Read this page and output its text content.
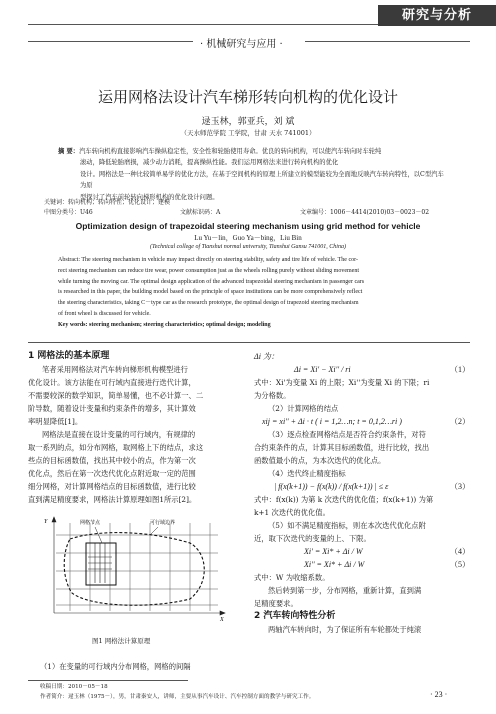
研究与分析
· 机械研究与应用 ·
运用网格法设计汽车梯形转向机构的优化设计
逯玉林，郭亚兵，刘 斌
（天水师范学院 工学院，甘肃 天水 741001）
摘 要：汽车转向机构直接影响汽车操纵稳定性，安全性和轮胎使用寿命。优良的转向机构，可以使汽车转向时车轮纯
滚动，降低轮胎磨损，减少动力消耗，提高操纵性能。我们运用网格法来进行转向机构的优化
设计。网格法是一种比较简单易学的优化方法，在基于空间机构的原理上所建立的模型能较为全面地反映汽车转向特性，以C型汽车为原
型探讨了汽车前轮转向梯形机构的优化设计问题。
关键词：转向机构；转向特性；优化设计；建模
中图分类号：U46	文献标识码：A	文章编号：1006－4414(2010)03－0023－02
Optimization design of trapezoidal steering mechanism using grid method for vehicle
Lu Yu－lin，Guo Ya－bing，Liu Bin
(Technical college of Tianshui normal university, Tianshui Gansu 741001, China)
Abstract: The steering mechanism in vehicle may impact directly on steering stability, safety and tire life of vehicle. The cor-
rect steering mechanism can reduce tire wear, power consumption just as the wheels rolling purely without sliding movement
while turning the moving car. The optimal design application of the advanced trapezoidal steering mechanism in passenger cars
is researched in this paper, the building model based on the principle of space institutions can be more comprehensively reflect
the steering characteristics, taking C－type car as the research prototype, the optimal design of trapezoid steering mechanism
of front wheel is discussed for vehicle.
Key words: steering mechanism; steering characteristics; optimal design; modeling
1 网格法的基本原理
笔者采用网格法对汽车转向梯形机构模型进行
优化设计。该方法能在可行域内直接进行迭代计算，
不需要较深的数学知识，简单易懂，也不必计算一、二
阶导数，随着设计变量和约束条件的增多，其计算效
率明显降低[1]。
网格法是直接在设计变量的可行域内，有规律的
取一系列的点，如分布网格，取网格上下的结点，求这
些点的目标函数值，找出其中较小的点，作为第一次
优化点，然后在第一次迭代优化点附近取一定的范围
细分网格，对计算网格结点的目标函数值，进行比较
直到满足精度要求，网格法计算原理如图1所示[2]。
Y
X
网格节点	可行域边界
图1 网格法计算原理
（1）在变量的可行域内分布网格，网格的间隔
Δi 为：
Δi = Xi' − Xi'' / ri	（1）
式中：Xi'为变量 Xi 的上限；Xi''为变量 Xi 的下限；ri
为分格数。
（2）计算网格的结点
xij = xi'' + Δi · t ( i = 1,2…n; t = 0,1,2…ri )	（2）
（3）逐点检查网格结点是否符合约束条件，对符
合约束条件的点，计算其目标函数值，进行比较，找出
函数值最小的点，为本次迭代的优化点。
（4）迭代终止精度指标
| f(x(k+1)) − f(x(k)) / f(x(k+1)) | ≤ ε	（3）
式中：f(x(k)) 为第 k 次迭代的优化值；f(x(k+1)) 为第
k+1 次迭代的优化值。
（5）如不满足精度指标，则在本次迭代优化点附
近，取下次迭代的变量的上、下限。
Xi' = Xi* + Δi / W	（4）
Xi'' = Xi* + Δi / W	（5）
式中：W 为收缩系数。
然后转到第一步，分布网格，重新计算，直到满
足精度要求。
2 汽车转向特性分析
两轴汽车转向时，为了保证所有车轮都处于纯滚
收稿日期：2010－05－18
作者简介：逯玉林（1975－），男，甘肃秦安人，讲师，主要从事汽车设计、汽车控制方面的教学与研究工作。	· 23 ·
